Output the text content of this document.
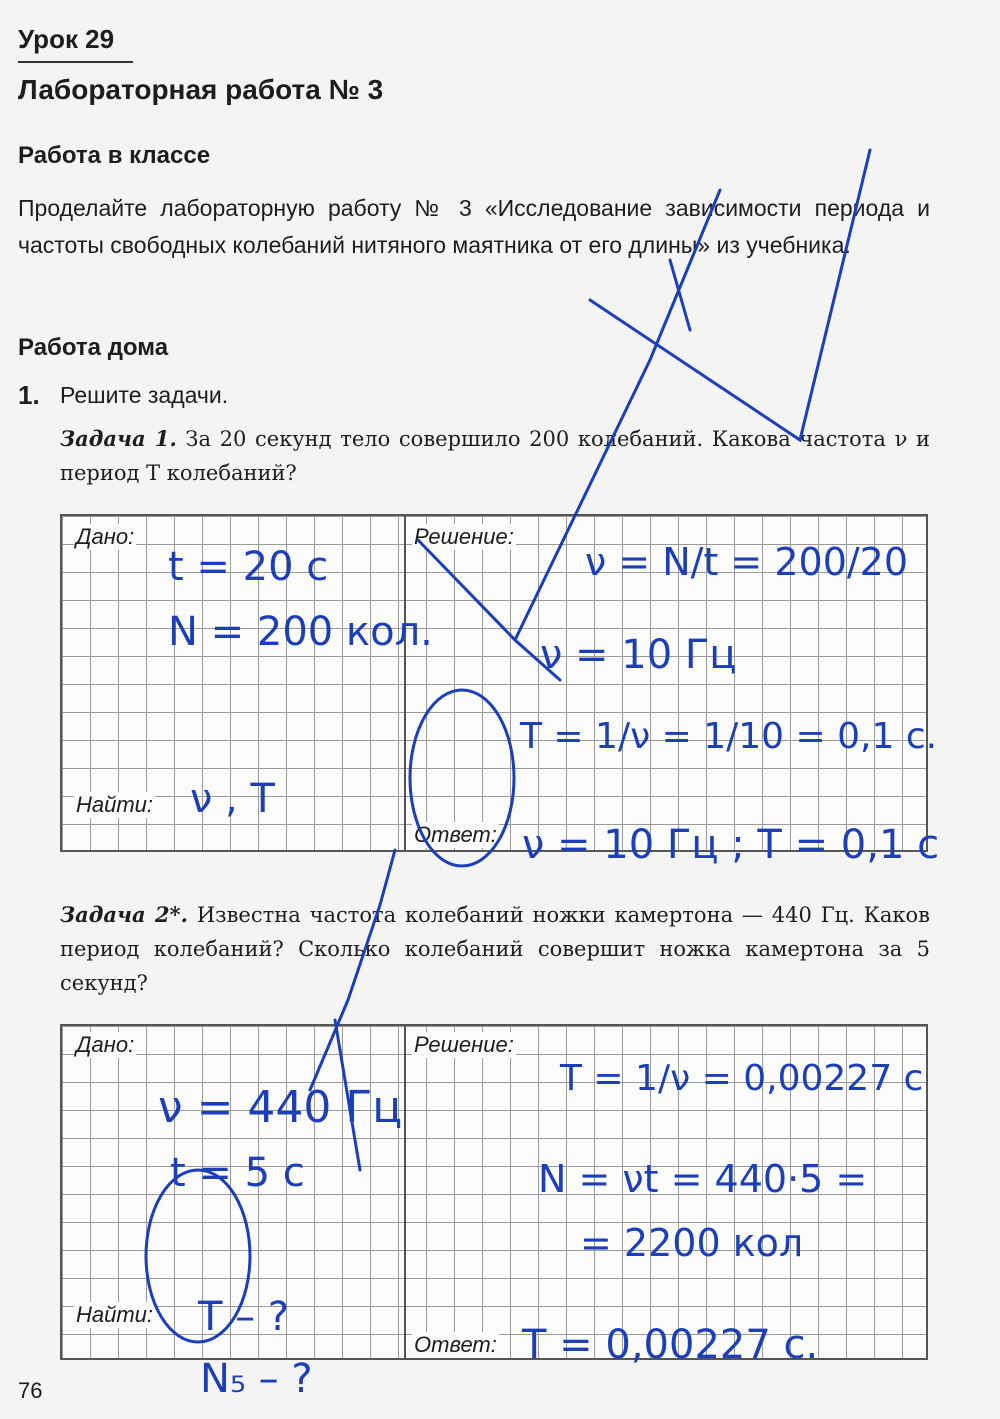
Урок 29
Лабораторная работа № 3
Работа в классе
Проделайте лабораторную работу № 3 «Исследование зависимости периода и частоты свободных колебаний нитяного маятника от его длины» из учебника.
Работа дома
1. Решите задачи.
Задача 1. За 20 секунд тело совершило 200 колебаний. Какова частота ν и период Т колебаний?
Дано:	Решение:
Найти:
Ответ:
Задача 2*. Известна частота колебаний ножки камертона — 440 Гц. Каков период колебаний? Сколько колебаний совершит ножка камертона за 5 секунд?
Дано:	Решение:
Найти:
Ответ:
76
t = 20 c
N = 200 кол.
ν , T
ν = N/t = 200/20
ν = 10 Гц
T = 1/ν = 1/10 = 0,1 c.
ν = 10 Гц ; T = 0,1 c
ν = 440 Гц
t = 5 c
T – ?
N₅ – ?
T = 1/ν = 0,00227 c
N = νt = 440·5 =
= 2200 кол
T = 0,00227 c.
